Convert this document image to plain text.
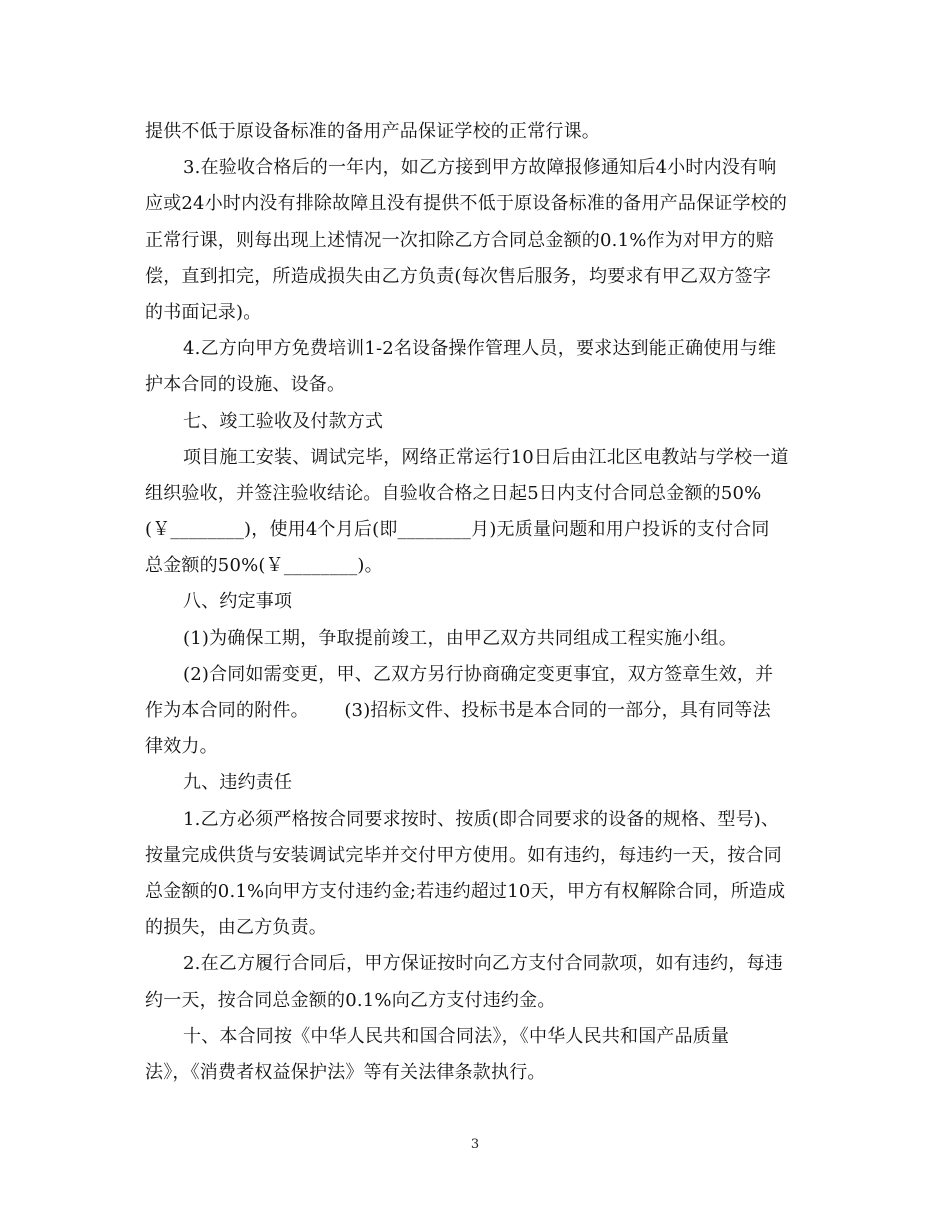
提供不低于原设备标准的备用产品保证学校的正常行课。
3.在验收合格后的一年内，如乙方接到甲方故障报修通知后4小时内没有响
应或24小时内没有排除故障且没有提供不低于原设备标准的备用产品保证学校的
正常行课，则每出现上述情况一次扣除乙方合同总金额的0.1%作为对甲方的赔
偿，直到扣完，所造成损失由乙方负责(每次售后服务，均要求有甲乙双方签字
的书面记录)。
4.乙方向甲方免费培训1-2名设备操作管理人员，要求达到能正确使用与维
护本合同的设施、设备。
七、竣工验收及付款方式
项目施工安装、调试完毕，网络正常运行10日后由江北区电教站与学校一道
组织验收，并签注验收结论。自验收合格之日起5日内支付合同总金额的50%
(￥________)，使用4个月后(即________月)无质量问题和用户投诉的支付合同
总金额的50%(￥________)。
八、约定事项
(1)为确保工期，争取提前竣工，由甲乙双方共同组成工程实施小组。
(2)合同如需变更，甲、乙双方另行协商确定变更事宜，双方签章生效，并
作为本合同的附件。      (3)招标文件、投标书是本合同的一部分，具有同等法
律效力。
九、违约责任
1.乙方必须严格按合同要求按时、按质(即合同要求的设备的规格、型号)、
按量完成供货与安装调试完毕并交付甲方使用。如有违约，每违约一天，按合同
总金额的0.1%向甲方支付违约金;若违约超过10天，甲方有权解除合同，所造成
的损失，由乙方负责。
2.在乙方履行合同后，甲方保证按时向乙方支付合同款项，如有违约，每违
约一天，按合同总金额的0.1%向乙方支付违约金。
十、本合同按《中华人民共和国合同法》，《中华人民共和国产品质量
法》，《消费者权益保护法》等有关法律条款执行。
3
